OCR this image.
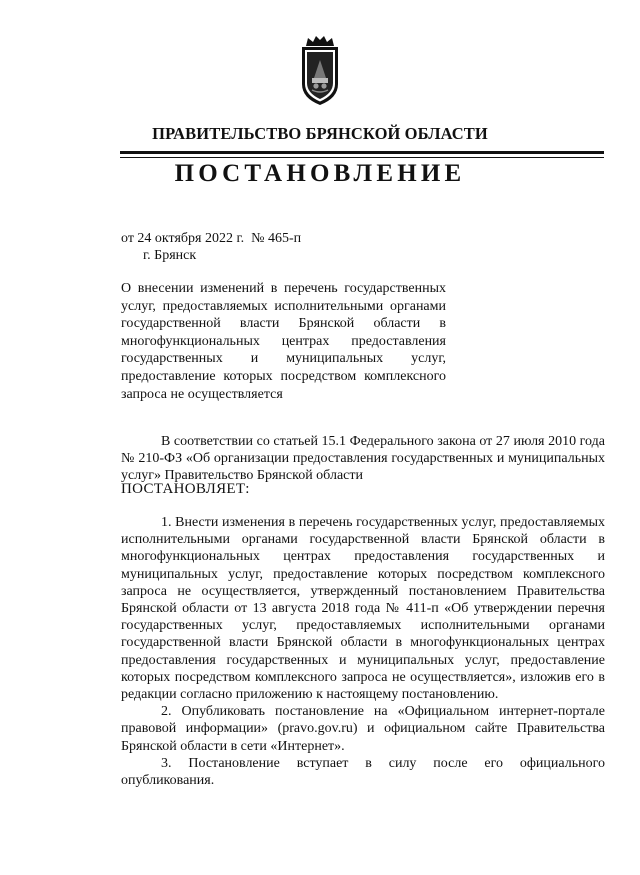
ПРАВИТЕЛЬСТВО БРЯНСКОЙ ОБЛАСТИ
ПОСТАНОВЛЕНИЕ
от 24 октября 2022 г.  № 465-п
г. Брянск
О внесении изменений в перечень государственных услуг, предоставляемых исполнительными органами государственной власти Брянской области в многофункциональных центрах предоставления государственных и муниципальных услуг, предоставление которых посредством комплексного запроса не осуществляется

В соответствии со статьей 15.1 Федерального закона от 27 июля 2010 года № 210-ФЗ «Об организации предоставления государственных и муниципальных услуг» Правительство Брянской области

ПОСТАНОВЛЯЕТ:

1. Внести изменения в перечень государственных услуг, предоставляемых исполнительными органами государственной власти Брянской области в многофункциональных центрах предоставления государственных и муниципальных услуг, предоставление которых посредством комплексного запроса не осуществляется, утвержденный постановлением Правительства Брянской области от 13 августа 2018 года № 411-п «Об утверждении перечня государственных услуг, предоставляемых исполнительными органами государственной власти Брянской области в многофункциональных центрах предоставления государственных и муниципальных услуг, предоставление которых посредством комплексного запроса не осуществляется», изложив его в редакции согласно приложению к настоящему постановлению.

2. Опубликовать постановление на «Официальном интернет-портале правовой информации» (pravo.gov.ru) и официальном сайте Правительства Брянской области в сети «Интернет».

3. Постановление вступает в силу после его официального опубликования.
